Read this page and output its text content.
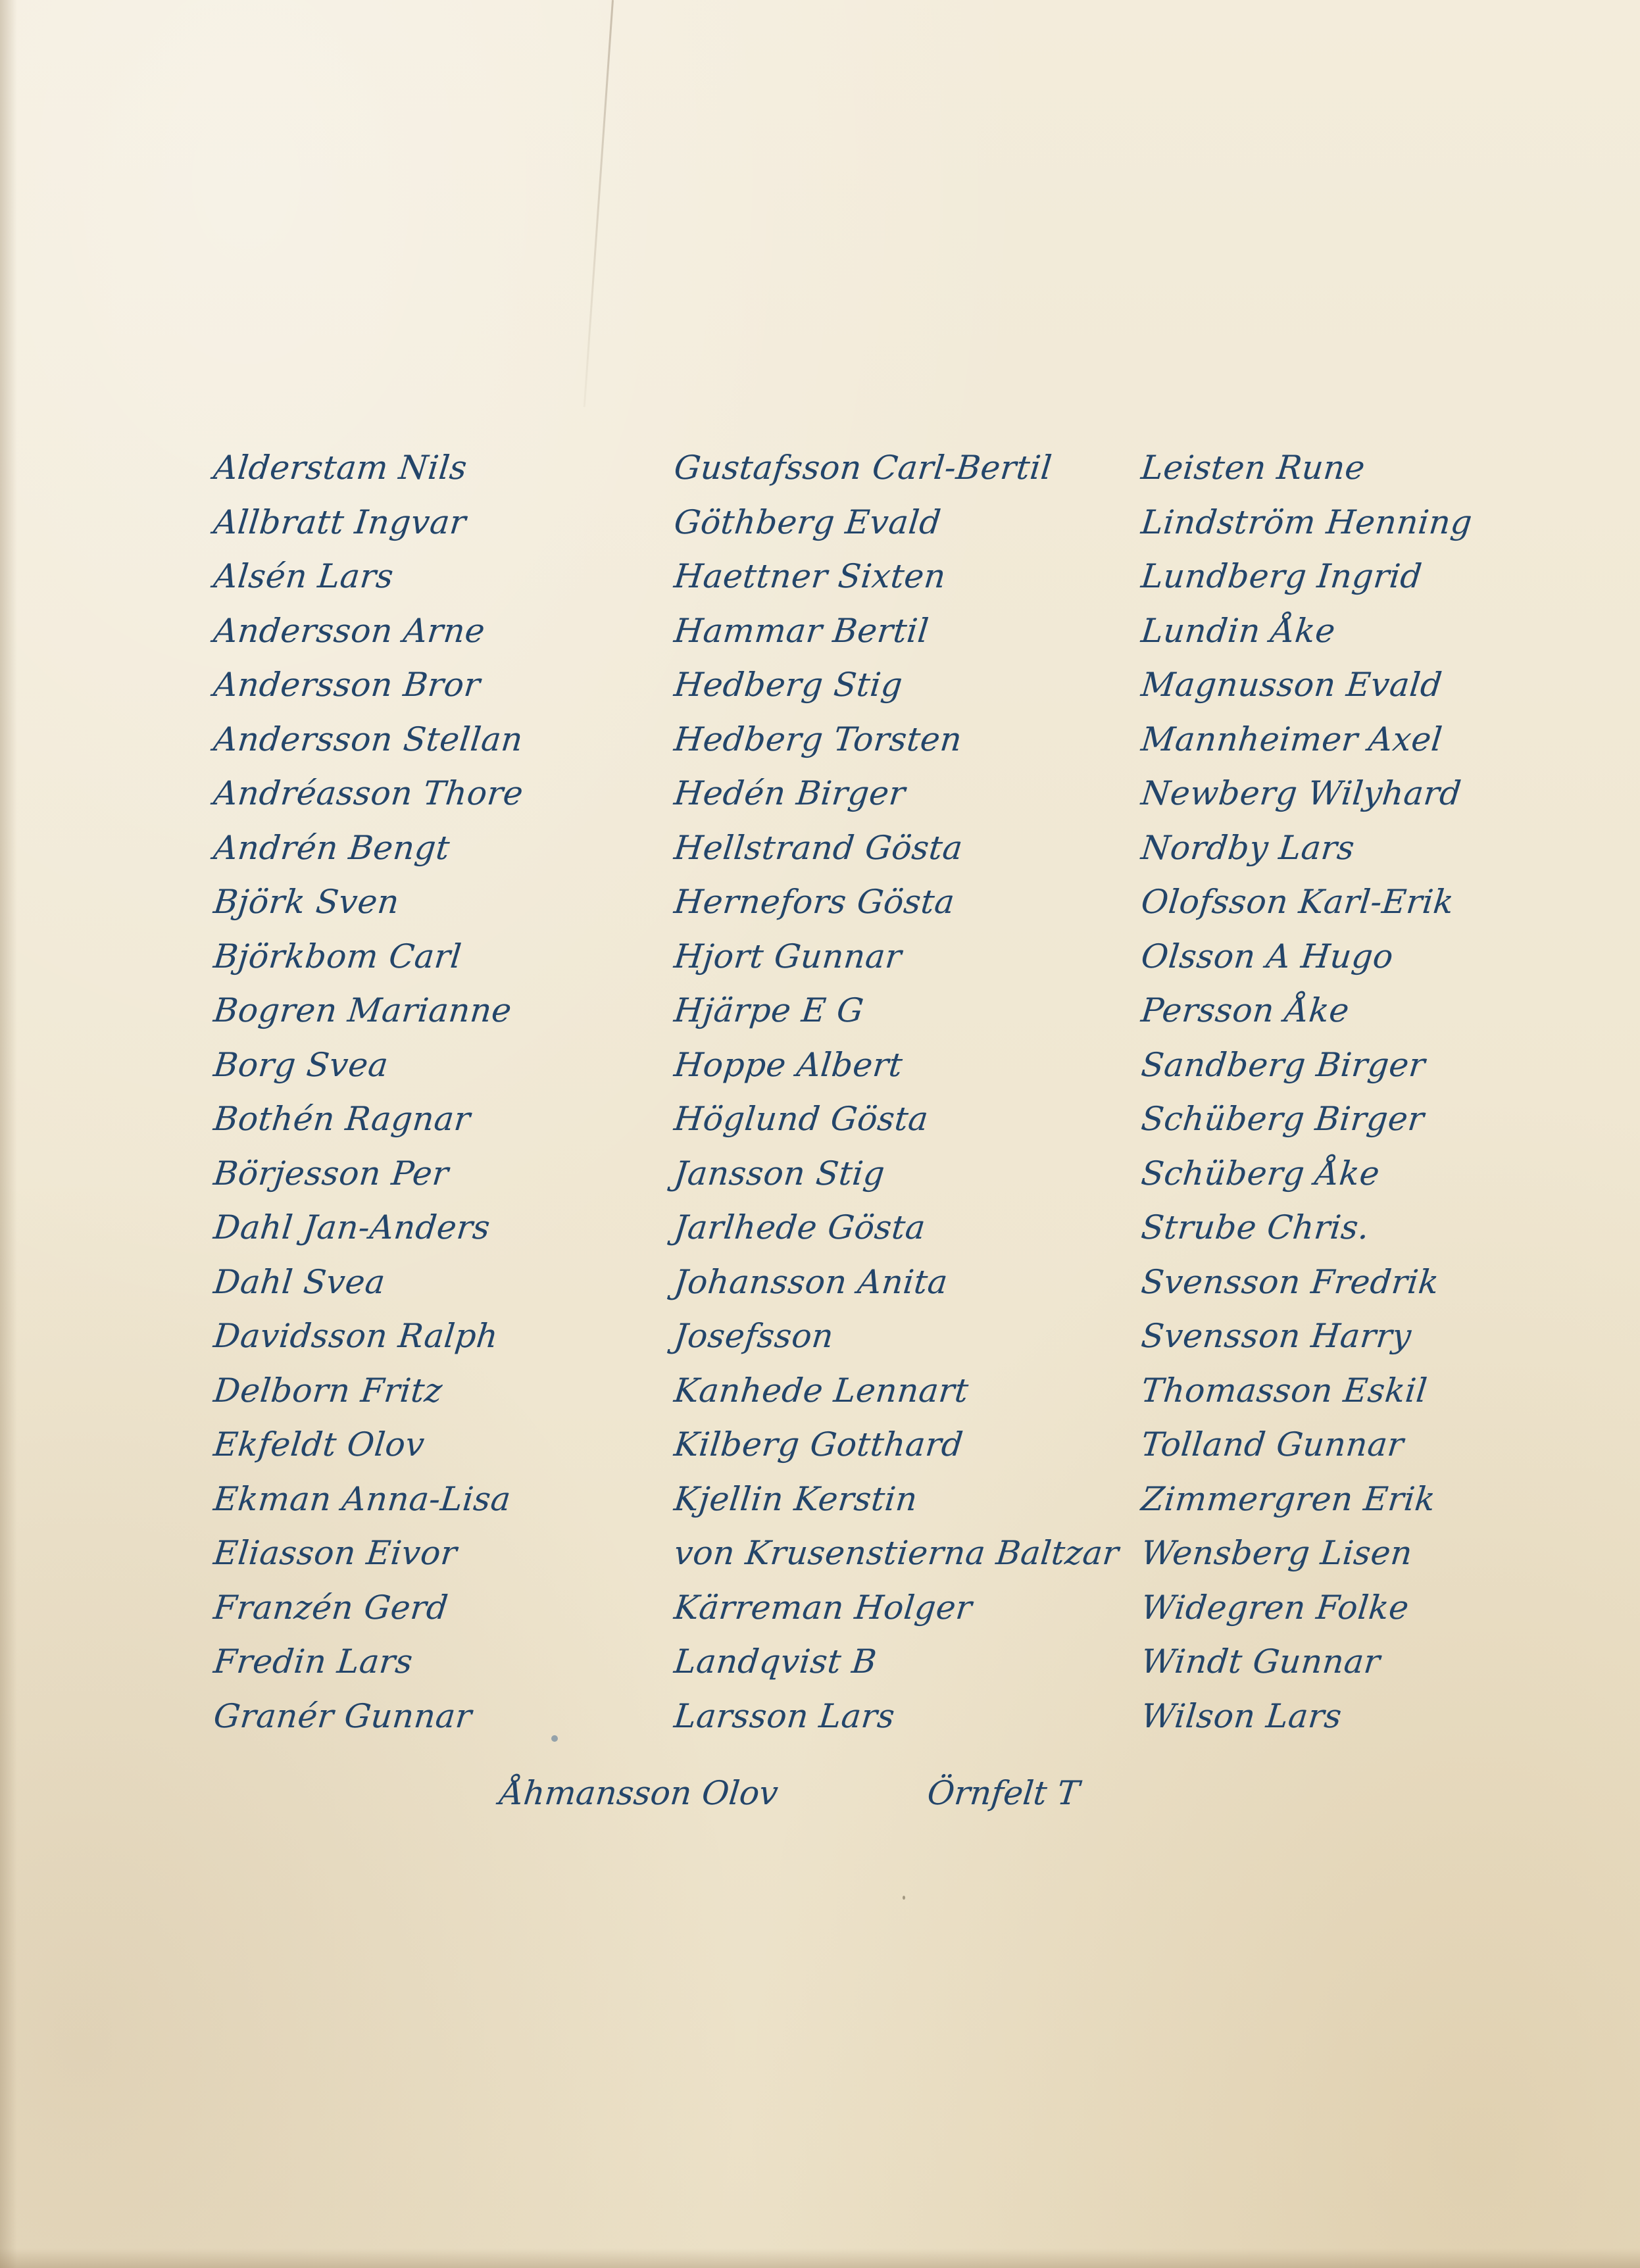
Alderstam Nils
Allbratt Ingvar
Alsén Lars
Andersson Arne
Andersson Bror
Andersson Stellan
Andréasson Thore
Andrén Bengt
Björk Sven
Björkbom Carl
Bogren Marianne
Borg Svea
Bothén Ragnar
Börjesson Per
Dahl Jan-Anders
Dahl Svea
Davidsson Ralph
Delborn Fritz
Ekfeldt Olov
Ekman Anna-Lisa
Eliasson Eivor
Franzén Gerd
Fredin Lars
Granér Gunnar
Gustafsson Carl-Bertil
Göthberg Evald
Haettner Sixten
Hammar Bertil
Hedberg Stig
Hedberg Torsten
Hedén Birger
Hellstrand Gösta
Hernefors Gösta
Hjort Gunnar
Hjärpe E G
Hoppe Albert
Höglund Gösta
Jansson Stig
Jarlhede Gösta
Johansson Anita
Josefsson
Kanhede Lennart
Kilberg Gotthard
Kjellin Kerstin
von Krusenstierna Baltzar
Kärreman Holger
Landqvist B
Larsson Lars
Leisten Rune
Lindström Henning
Lundberg Ingrid
Lundin Åke
Magnusson Evald
Mannheimer Axel
Newberg Wilyhard
Nordby Lars
Olofsson Karl-Erik
Olsson A Hugo
Persson Åke
Sandberg Birger
Schüberg Birger
Schüberg Åke
Strube Chris.
Svensson Fredrik
Svensson Harry
Thomasson Eskil
Tolland Gunnar
Zimmergren Erik
Wensberg Lisen
Widegren Folke
Windt Gunnar
Wilson Lars
Åhmansson Olov	Örnfelt T
